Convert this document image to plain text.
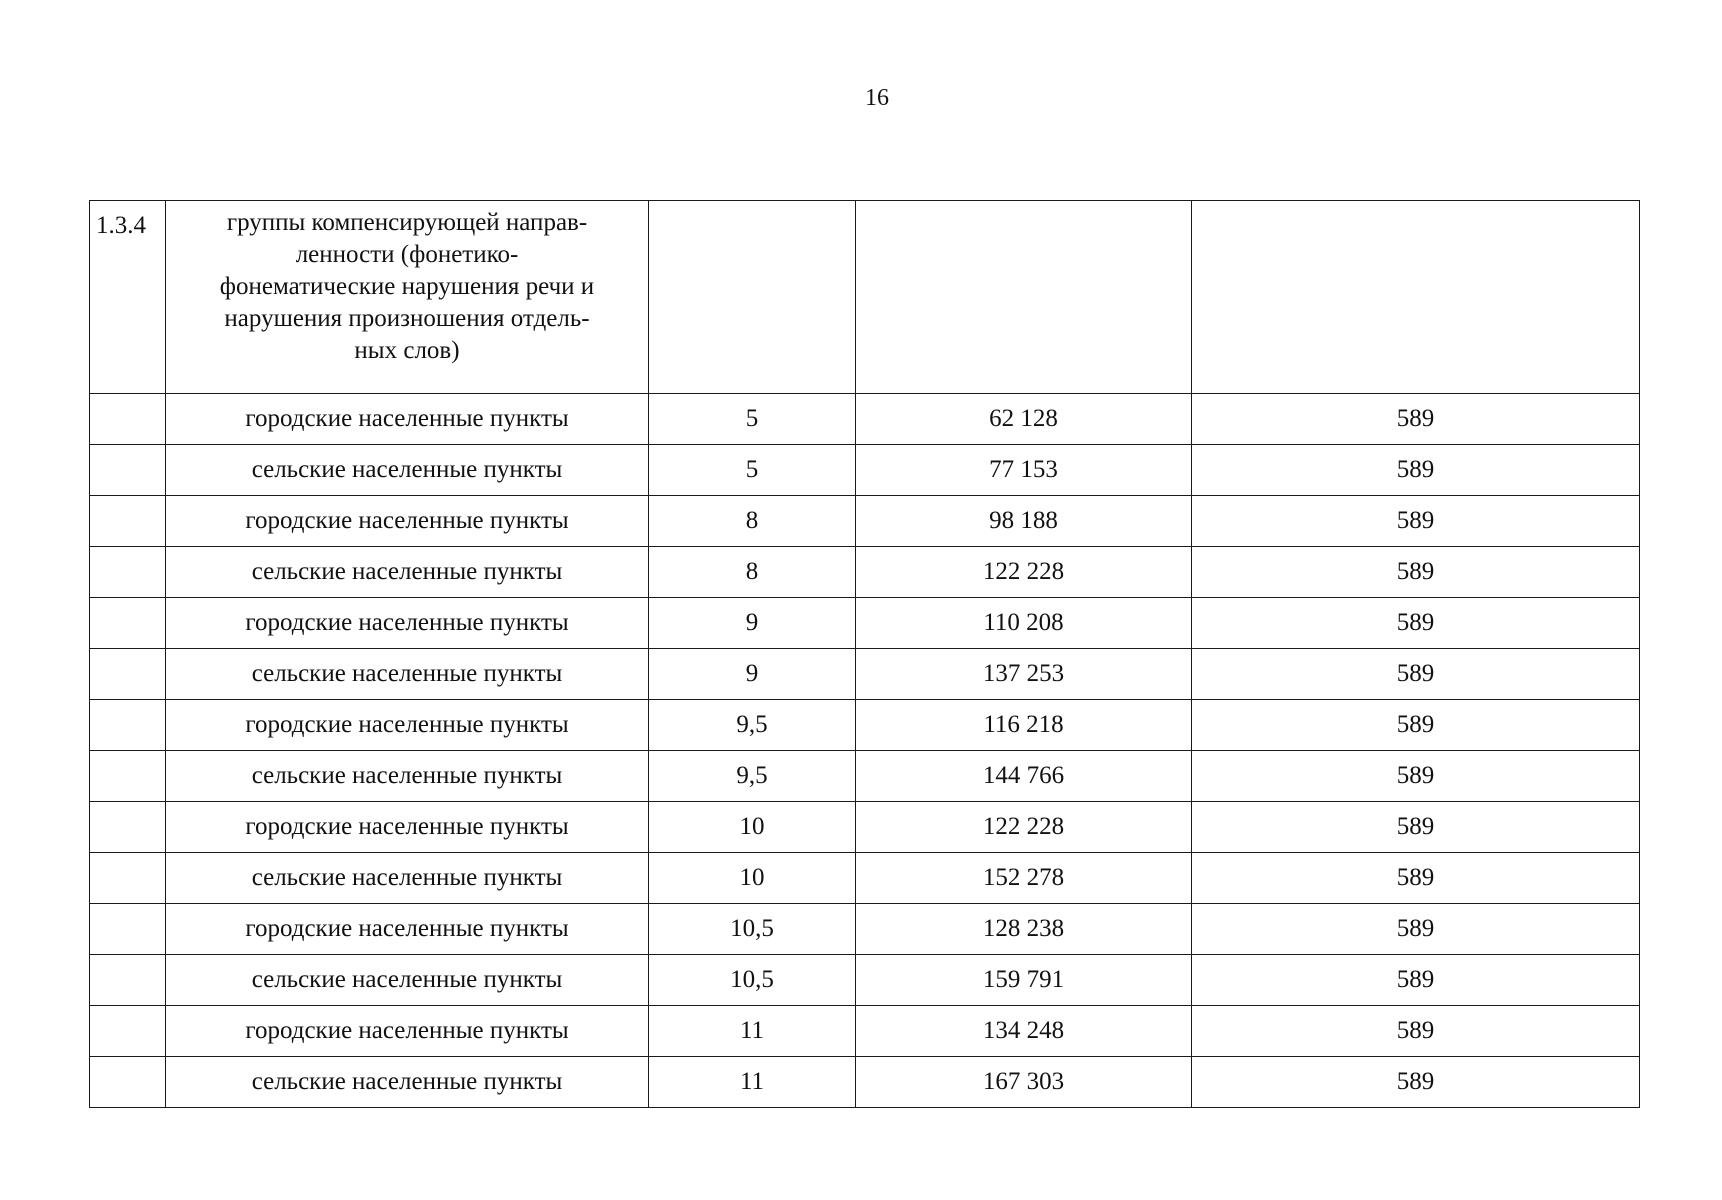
16
1.3.4	группы компенсирующей направ-
ленности (фонетико-
фонематические нарушения речи и
нарушения произношения отдель-
ных слов)			

	городские населенные пункты	5	62 128	589
	сельские населенные пункты	5	77 153	589
	городские населенные пункты	8	98 188	589
	сельские населенные пункты	8	122 228	589
	городские населенные пункты	9	110 208	589
	сельские населенные пункты	9	137 253	589
	городские населенные пункты	9,5	116 218	589
	сельские населенные пункты	9,5	144 766	589
	городские населенные пункты	10	122 228	589
	сельские населенные пункты	10	152 278	589
	городские населенные пункты	10,5	128 238	589
	сельские населенные пункты	10,5	159 791	589
	городские населенные пункты	11	134 248	589
	сельские населенные пункты	11	167 303	589
